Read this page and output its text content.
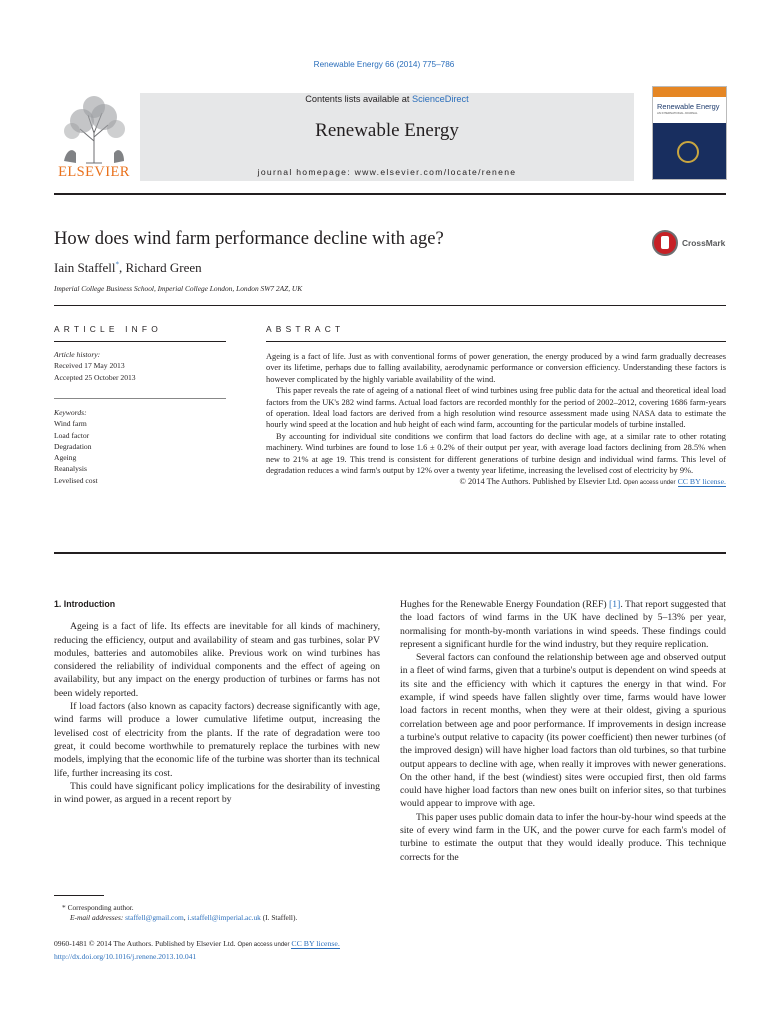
Renewable Energy 66 (2014) 775–786
ELSEVIER
Contents lists available at ScienceDirect
Renewable Energy
journal homepage: www.elsevier.com/locate/renene
Renewable Energy
AN INTERNATIONAL JOURNAL
How does wind farm performance decline with age?	CrossMark
Iain Staffell*, Richard Green
Imperial College Business School, Imperial College London, London SW7 2AZ, UK
ARTICLE INFO
Article history:
Received 17 May 2013
Accepted 25 October 2013
Keywords:
Wind farm
Load factor
Degradation
Ageing
Reanalysis
Levelised cost
ABSTRACT

Ageing is a fact of life. Just as with conventional forms of power generation, the energy produced by a wind farm gradually decreases over its lifetime, perhaps due to falling availability, aerodynamic performance or conversion efficiency. Understanding these factors is however complicated by the highly variable availability of the wind.

This paper reveals the rate of ageing of a national fleet of wind turbines using free public data for the actual and theoretical ideal load factors from the UK's 282 wind farms. Actual load factors are recorded monthly for the period of 2002–2012, covering 1686 farm-years of operation. Ideal load factors are derived from a high resolution wind resource assessment made using NASA data to estimate the hourly wind speed at the location and hub height of each wind farm, accounting for the particular models of turbine installed.

By accounting for individual site conditions we confirm that load factors do decline with age, at a similar rate to other rotating machinery. Wind turbines are found to lose 1.6 ± 0.2% of their output per year, with average load factors declining from 28.5% when new to 21% at age 19. This trend is consistent for different generations of turbine design and individual wind farms. This level of degradation reduces a wind farm's output by 12% over a twenty year lifetime, increasing the levelised cost of electricity by 9%.

© 2014 The Authors. Published by Elsevier Ltd. Open access under CC BY license.

1. Introduction

Ageing is a fact of life. Its effects are inevitable for all kinds of machinery, reducing the efficiency, output and availability of steam and gas turbines, solar PV modules, batteries and automobiles alike. Previous work on wind turbines has considered the reliability of individual components and the effect of ageing on availability, but any impact on the energy production of turbines or farms has not been widely reported.

If load factors (also known as capacity factors) decrease significantly with age, wind farms will produce a lower cumulative lifetime output, increasing the levelised cost of electricity from the plants. If the rate of degradation were too great, it could become worthwhile to prematurely replace the turbines with new models, implying that the economic life of the turbine was shorter than its technical life, further increasing its cost.

This could have significant policy implications for the desirability of investing in wind power, as argued in a recent report by

Hughes for the Renewable Energy Foundation (REF) [1]. That report suggested that the load factors of wind farms in the UK have declined by 5–13% per year, normalising for month-by-month variations in wind speeds. These findings could represent a significant hurdle for the wind industry, but they require replication.

Several factors can confound the relationship between age and observed output in a fleet of wind farms, given that a turbine's output is dependent on wind speeds at its site and the efficiency with which it captures the energy in that wind. For example, if wind speeds have fallen slightly over time, farms would have lower load factors in recent months, when they were at their oldest, giving a spurious correlation between age and poor performance. If improvements in design increase a turbine's output relative to capacity (its power coefficient) then newer turbines (of the improved design) will have higher load factors than old turbines, so that turbine output appears to decline with age, when really it improves with newer generations. On the other hand, if the best (windiest) sites were occupied first, then old farms could have higher load factors than new ones built on inferior sites, so that turbines would appear to improve with age.

This paper uses public domain data to infer the hour-by-hour wind speeds at the site of every wind farm in the UK, and the power curve for each farm's model of turbine to estimate the output that they would ideally produce. This technique corrects for the

* Corresponding author.
E-mail addresses: staffell@gmail.com, i.staffell@imperial.ac.uk (I. Staffell).
0960-1481 © 2014 The Authors. Published by Elsevier Ltd. Open access under CC BY license.
http://dx.doi.org/10.1016/j.renene.2013.10.041
